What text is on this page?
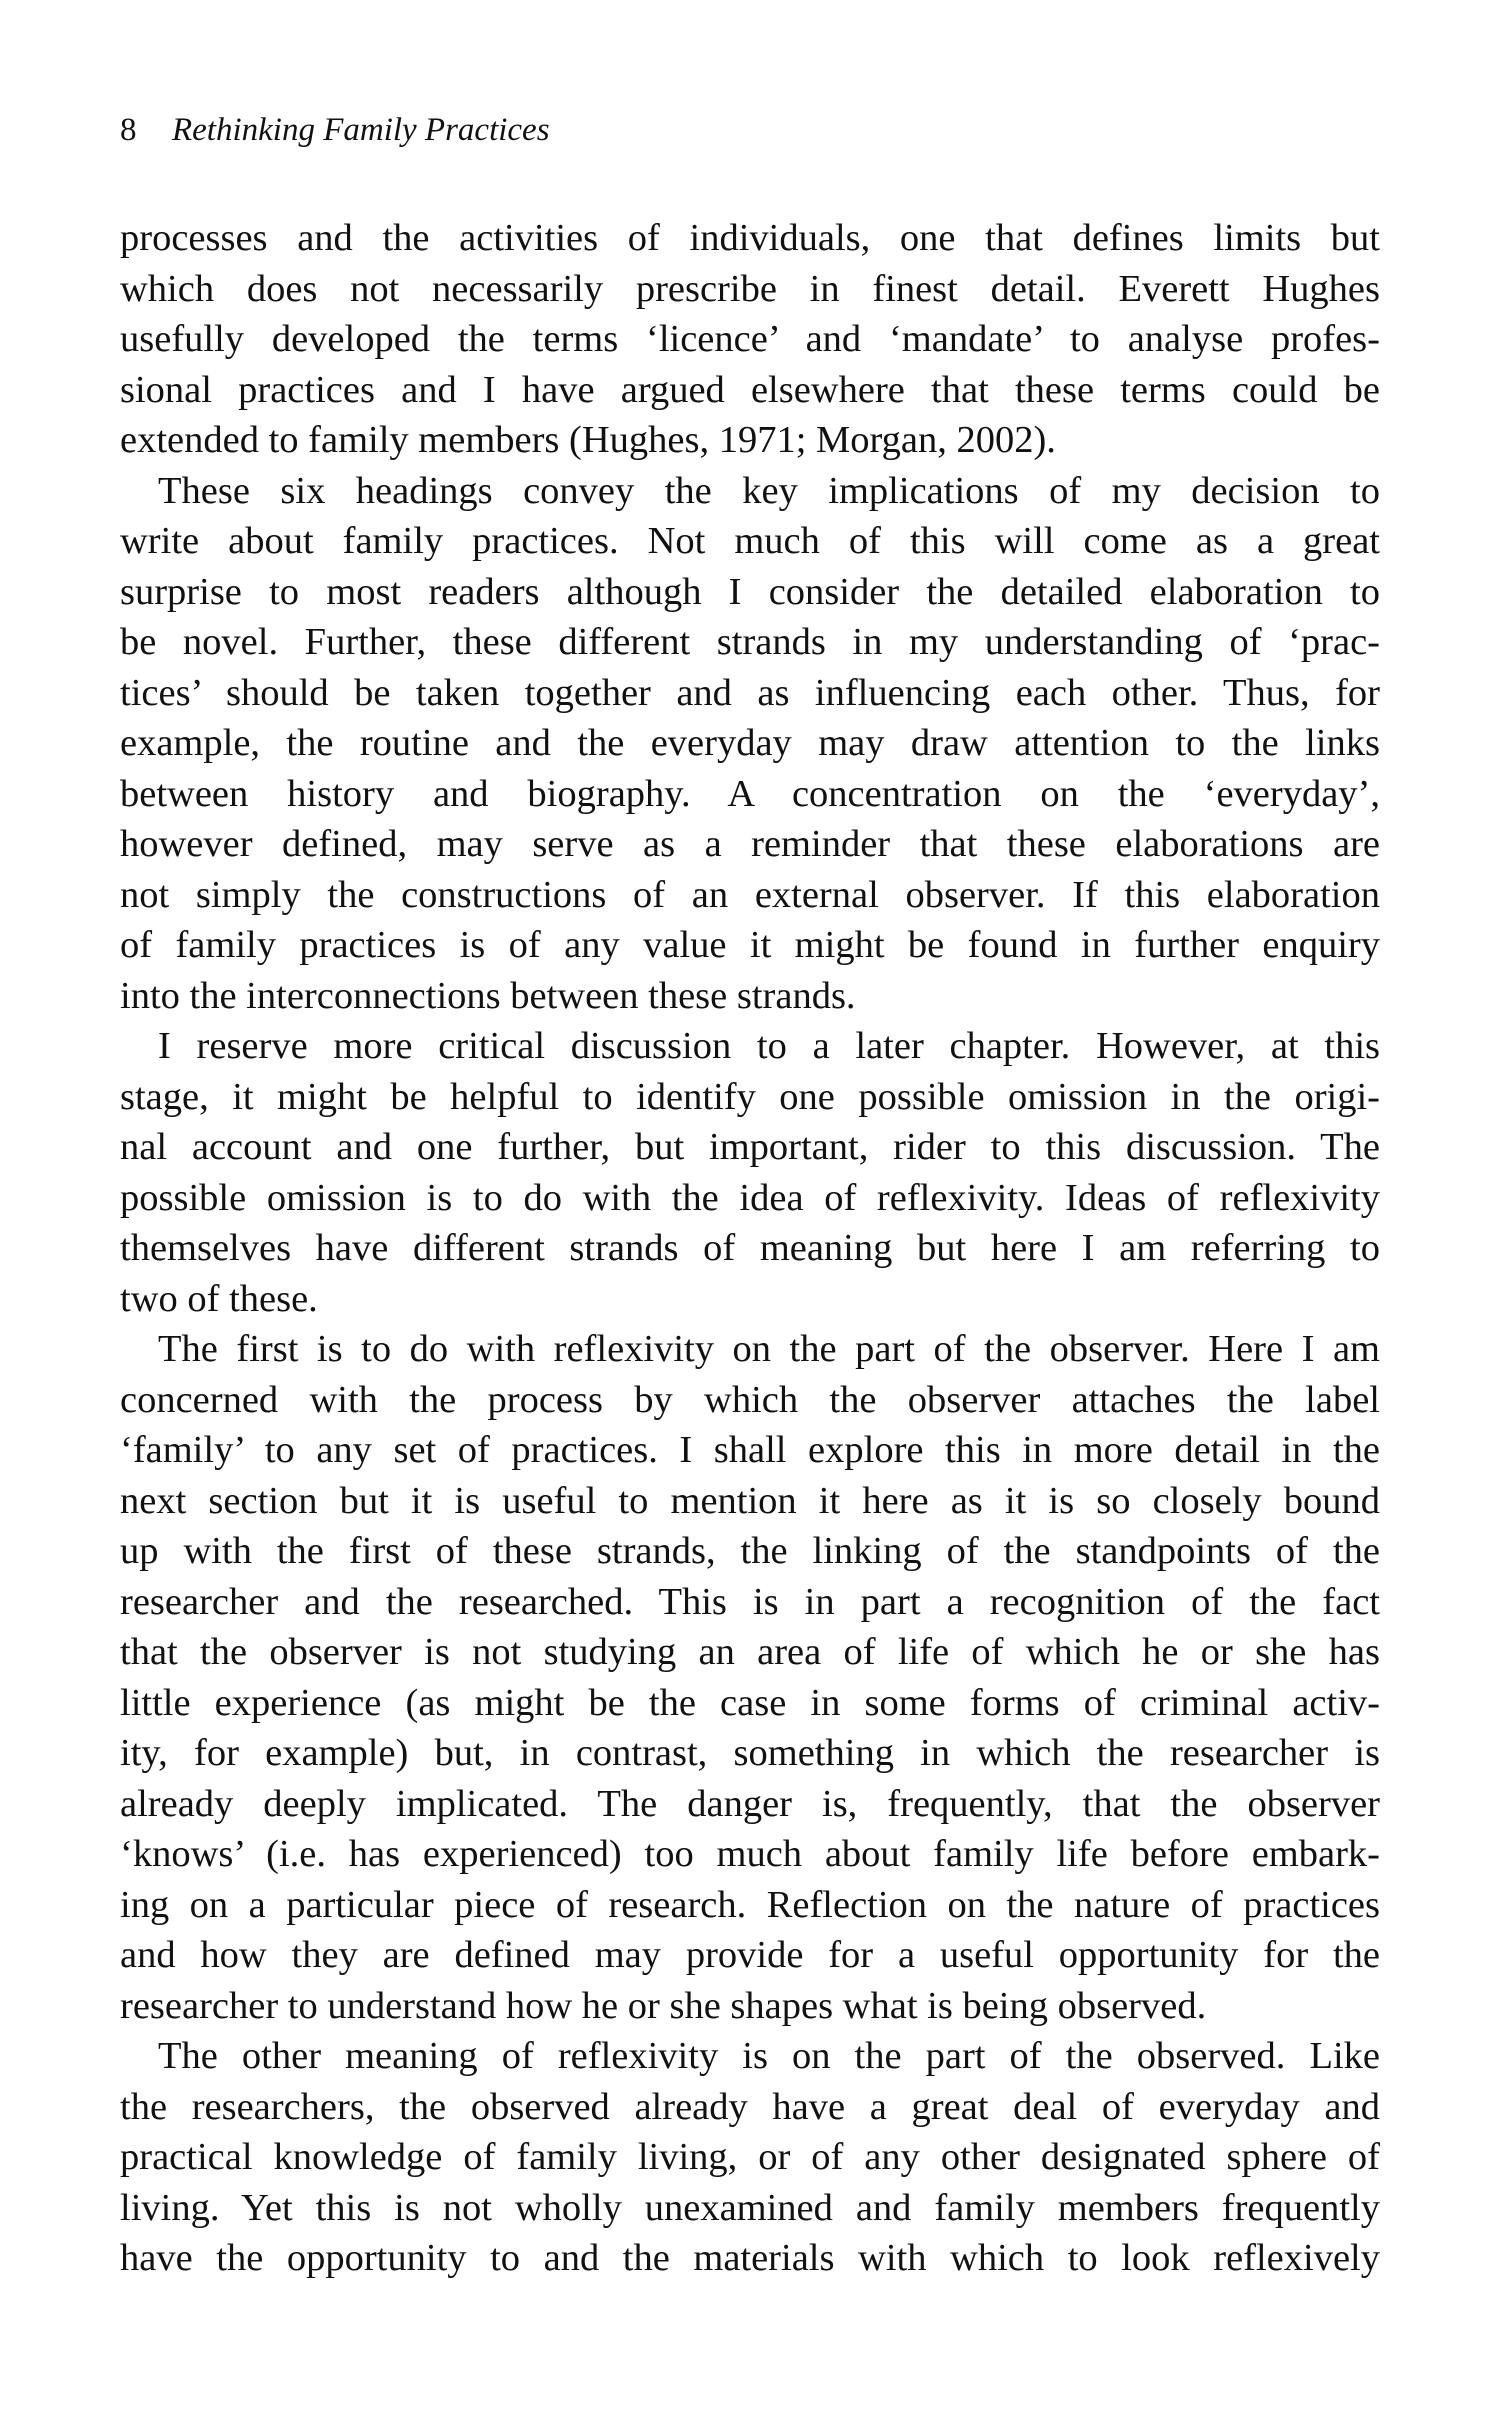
8 Rethinking Family Practices

processes and the activities of individuals, one that defines limits but
which does not necessarily prescribe in finest detail. Everett Hughes
usefully developed the terms ‘licence’ and ‘mandate’ to analyse profes-
sional practices and I have argued elsewhere that these terms could be
extended to family members (Hughes, 1971; Morgan, 2002).

These six headings convey the key implications of my decision to
write about family practices. Not much of this will come as a great
surprise to most readers although I consider the detailed elaboration to
be novel. Further, these different strands in my understanding of ‘prac-
tices’ should be taken together and as influencing each other. Thus, for
example, the routine and the everyday may draw attention to the links
between history and biography. A concentration on the ‘everyday’,
however defined, may serve as a reminder that these elaborations are
not simply the constructions of an external observer. If this elaboration
of family practices is of any value it might be found in further enquiry
into the interconnections between these strands.

I reserve more critical discussion to a later chapter. However, at this
stage, it might be helpful to identify one possible omission in the origi-
nal account and one further, but important, rider to this discussion. The
possible omission is to do with the idea of reflexivity. Ideas of reflexivity
themselves have different strands of meaning but here I am referring to
two of these.

The first is to do with reflexivity on the part of the observer. Here I am
concerned with the process by which the observer attaches the label
‘family’ to any set of practices. I shall explore this in more detail in the
next section but it is useful to mention it here as it is so closely bound
up with the first of these strands, the linking of the standpoints of the
researcher and the researched. This is in part a recognition of the fact
that the observer is not studying an area of life of which he or she has
little experience (as might be the case in some forms of criminal activ-
ity, for example) but, in contrast, something in which the researcher is
already deeply implicated. The danger is, frequently, that the observer
‘knows’ (i.e. has experienced) too much about family life before embark-
ing on a particular piece of research. Reflection on the nature of practices
and how they are defined may provide for a useful opportunity for the
researcher to understand how he or she shapes what is being observed.

The other meaning of reflexivity is on the part of the observed. Like
the researchers, the observed already have a great deal of everyday and
practical knowledge of family living, or of any other designated sphere of
living. Yet this is not wholly unexamined and family members frequently
have the opportunity to and the materials with which to look reflexively
